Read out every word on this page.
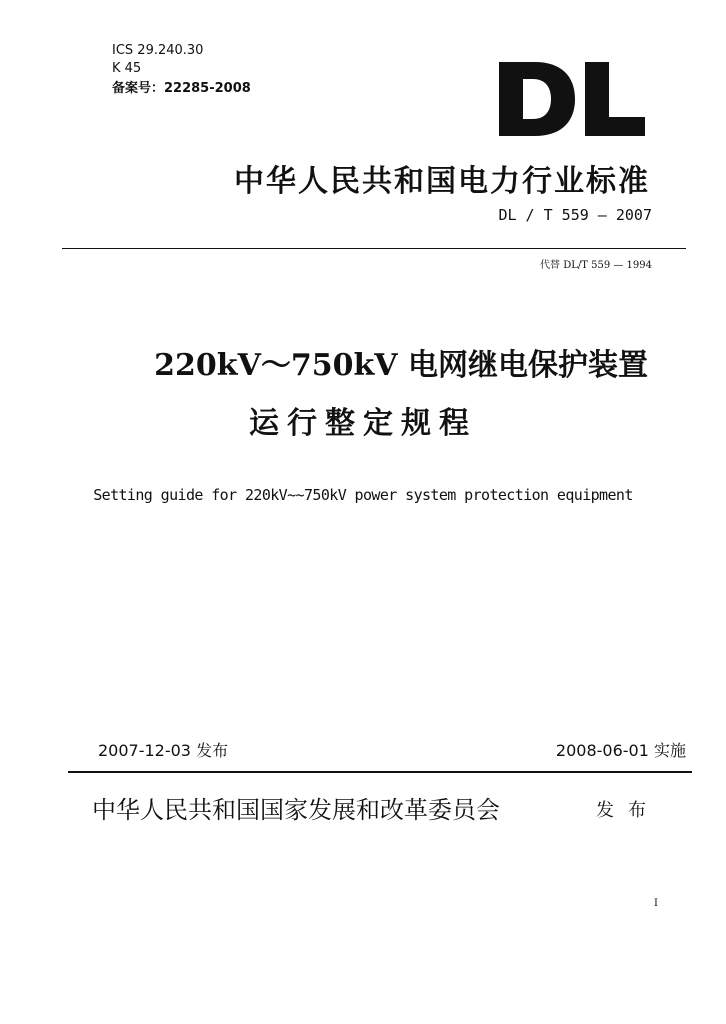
ICS 29.240.30
K 45
备案号：22285-2008
中华人民共和国电力行业标准
DL / T 559 — 2007
代替 DL/T 559 — 1994
220kV～750kV 电网继电保护装置
运行整定规程
Setting guide for 220kV~~750kV power system protection equipment
2007-12-03 发布	2008-06-01 实施
中华人民共和国国家发展和改革委员会	发布
I
